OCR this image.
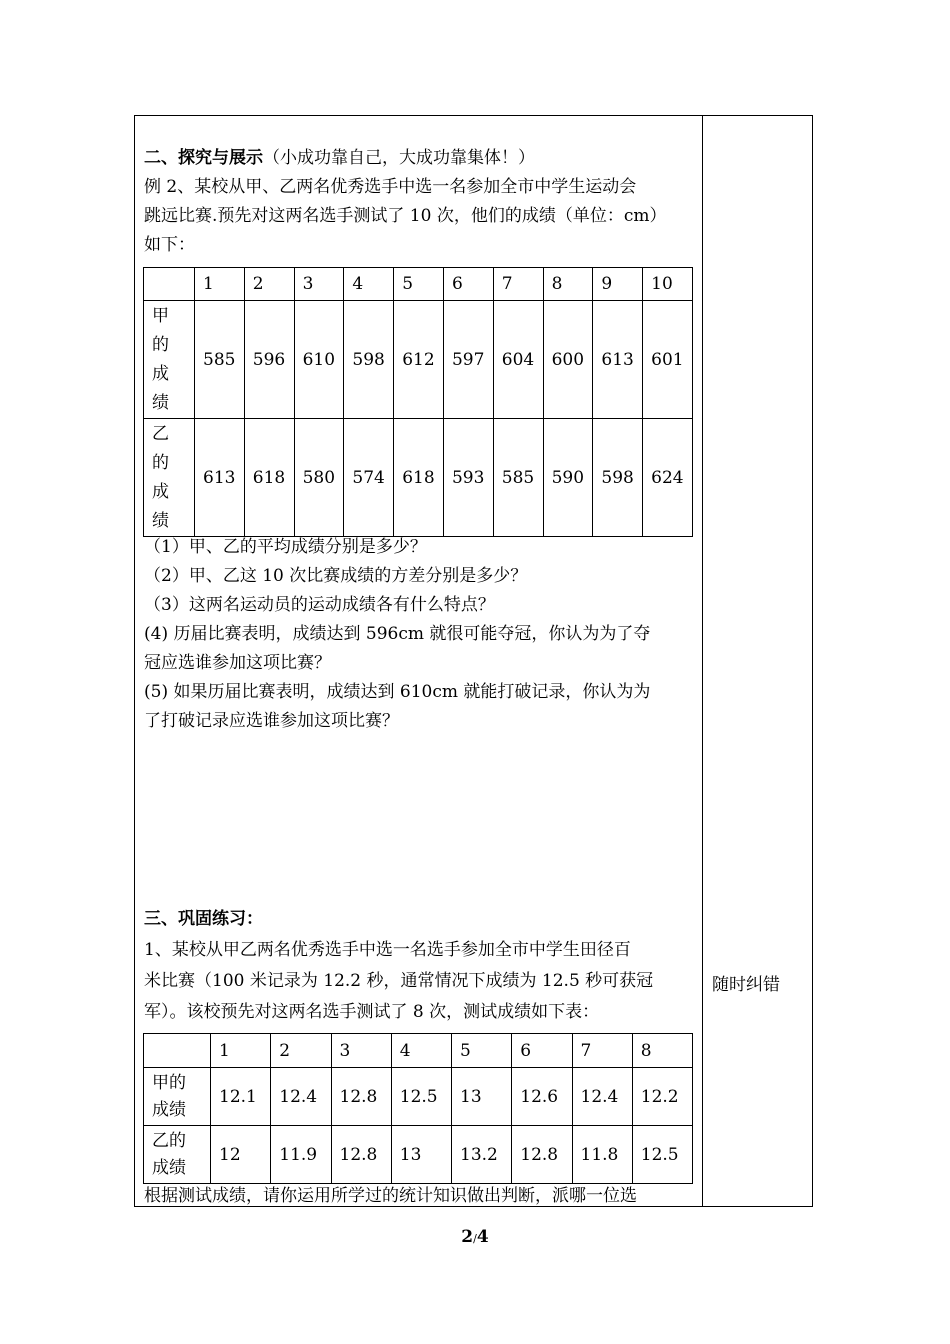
二、探究与展示（小成功靠自己，大成功靠集体！）

例 2、某校从甲、乙两名优秀选手中选一名参加全市中学生运动会

跳远比赛.预先对这两名选手测试了 10 次，他们的成绩（单位：cm）

如下：

	1	2	3	4	5	6	7	8	9	10

甲
的
成
绩	585	596	610	598	612	597	604	600	613	601

乙
的
成
绩	613	618	580	574	618	593	585	590	598	624

（1）甲、乙的平均成绩分别是多少？

（2）甲、乙这 10 次比赛成绩的方差分别是多少？

（3）这两名运动员的运动成绩各有什么特点？

(4) 历届比赛表明，成绩达到 596cm 就很可能夺冠，你认为为了夺

冠应选谁参加这项比赛？

(5) 如果历届比赛表明，成绩达到 610cm 就能打破记录，你认为为

了打破记录应选谁参加这项比赛？

三、巩固练习：

1、某校从甲乙两名优秀选手中选一名选手参加全市中学生田径百

米比赛（100 米记录为 12.2 秒，通常情况下成绩为 12.5 秒可获冠

军）。该校预先对这两名选手测试了 8 次，测试成绩如下表：

	1	2	3	4	5	6	7	8

甲的
成绩	12.1	12.4	12.8	12.5	13	12.6	12.4	12.2

乙的
成绩	12	11.9	12.8	13	13.2	12.8	11.8	12.5
根据测试成绩，请你运用所学过的统计知识做出判断，派哪一位选
随时纠错
2/4
